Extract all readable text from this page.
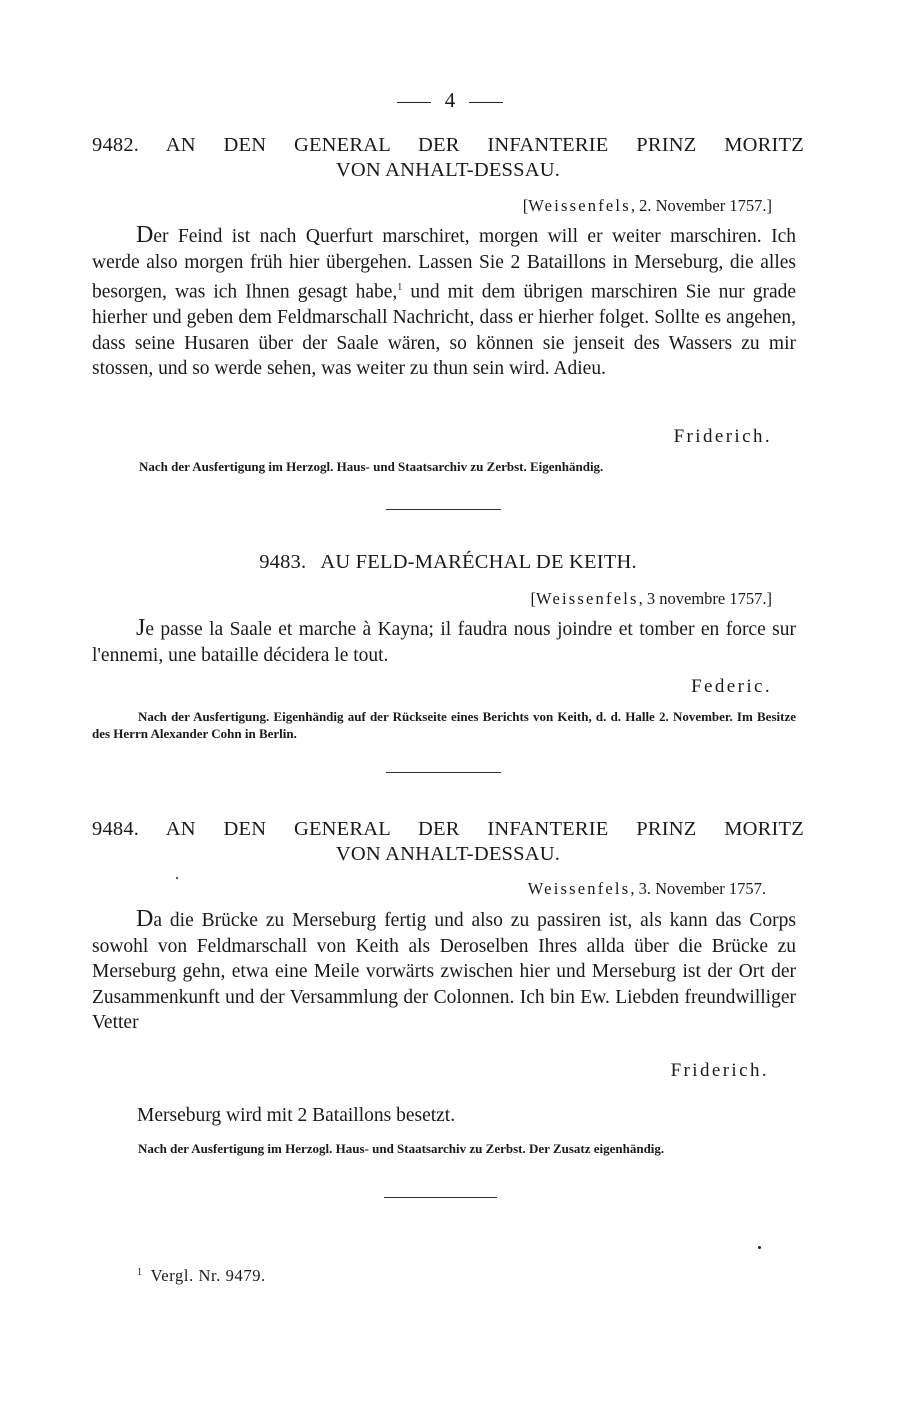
4
9482. AN DEN GENERAL DER INFANTERIE PRINZ MORITZ
VON ANHALT-DESSAU.
[Weissenfels, 2. November 1757.]

Der Feind ist nach Querfurt marschiret, morgen will er weiter marschiren. Ich werde also morgen früh hier übergehen. Lassen Sie 2 Bataillons in Merseburg, die alles besorgen, was ich Ihnen gesagt habe,$^1$ und mit dem übrigen marschiren Sie nur grade hierher und geben dem Feldmarschall Nachricht, dass er hierher folget. Sollte es angehen, dass seine Husaren über der Saale wären, so können sie jenseit des Wassers zu mir stossen, und so werde sehen, was weiter zu thun sein wird. Adieu.

Friderich.

Nach der Ausfertigung im Herzogl. Haus- und Staatsarchiv zu Zerbst. Eigenhändig.

9483. AU FELD-MARÉCHAL DE KEITH.
[Weissenfels, 3 novembre 1757.]

Je passe la Saale et marche à Kayna; il faudra nous joindre et tomber en force sur l'ennemi, une bataille décidera le tout.

Federic.

Nach der Ausfertigung. Eigenhändig auf der Rückseite eines Berichts von Keith, d. d. Halle 2. November. Im Besitze des Herrn Alexander Cohn in Berlin.

9484. AN DEN GENERAL DER INFANTERIE PRINZ MORITZ
VON ANHALT-DESSAU.
Weissenfels, 3. November 1757.

Da die Brücke zu Merseburg fertig und also zu passiren ist, als kann das Corps sowohl von Feldmarschall von Keith als Deroselben Ihres allda über die Brücke zu Merseburg gehn, etwa eine Meile vorwärts zwischen hier und Merseburg ist der Ort der Zusammenkunft und der Versammlung der Colonnen. Ich bin Ew. Liebden freundwilliger Vetter

Friderich.
Merseburg wird mit 2 Bataillons besetzt.

Nach der Ausfertigung im Herzogl. Haus- und Staatsarchiv zu Zerbst. Der Zusatz eigenhändig.

$^1$ Vergl. Nr. 9479.
